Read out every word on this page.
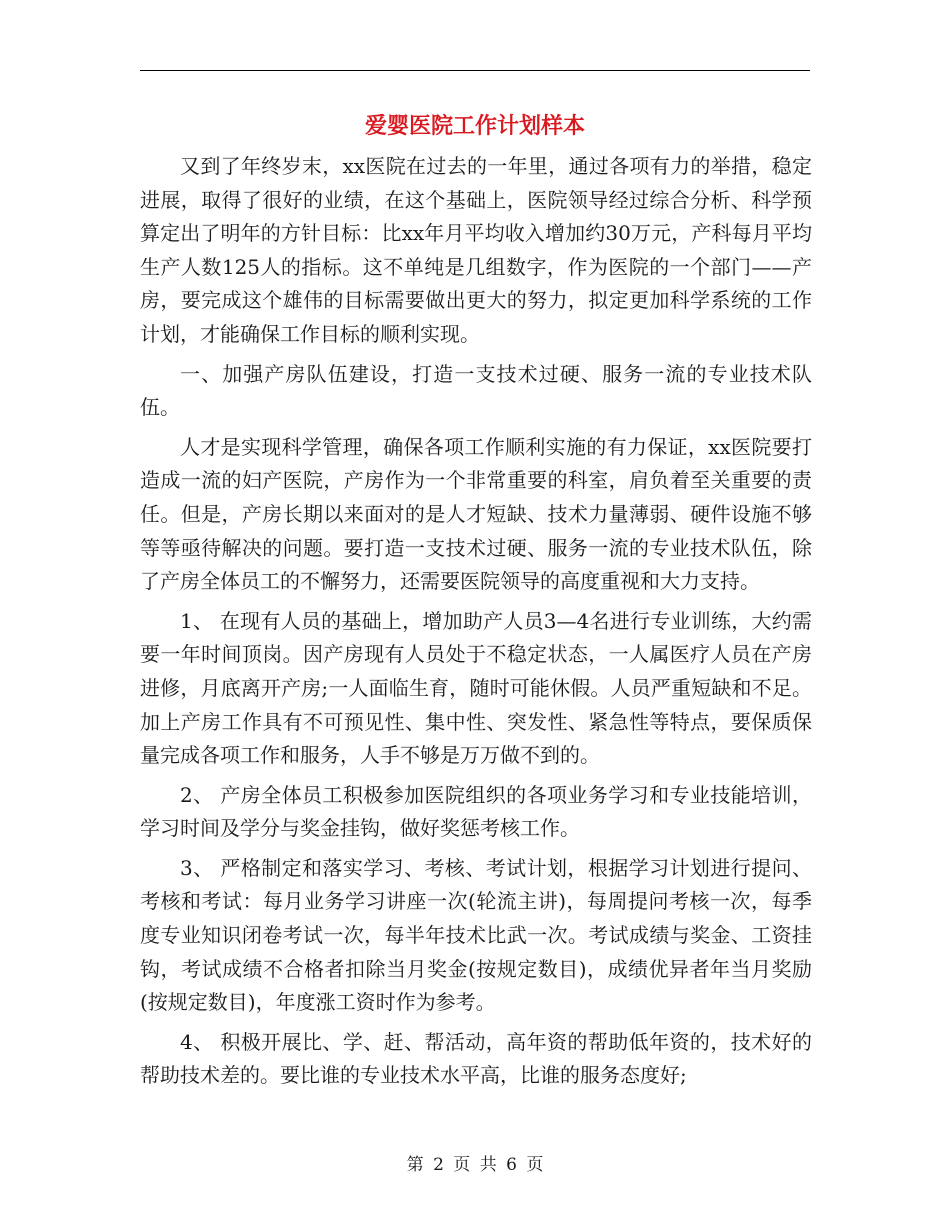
爱婴医院工作计划样本

又到了年终岁末，xx医院在过去的一年里，通过各项有力的举措，稳定进展，取得了很好的业绩，在这个基础上，医院领导经过综合分析、科学预算定出了明年的方针目标：比xx年月平均收入增加约30万元，产科每月平均生产人数125人的指标。这不单纯是几组数字，作为医院的一个部门——产房，要完成这个雄伟的目标需要做出更大的努力，拟定更加科学系统的工作计划，才能确保工作目标的顺利实现。

一、加强产房队伍建设，打造一支技术过硬、服务一流的专业技术队伍。

人才是实现科学管理，确保各项工作顺利实施的有力保证，xx医院要打造成一流的妇产医院，产房作为一个非常重要的科室，肩负着至关重要的责任。但是，产房长期以来面对的是人才短缺、技术力量薄弱、硬件设施不够等等亟待解决的问题。要打造一支技术过硬、服务一流的专业技术队伍，除了产房全体员工的不懈努力，还需要医院领导的高度重视和大力支持。

1、 在现有人员的基础上，增加助产人员3—4名进行专业训练，大约需要一年时间顶岗。因产房现有人员处于不稳定状态，一人属医疗人员在产房进修，月底离开产房;一人面临生育，随时可能休假。人员严重短缺和不足。加上产房工作具有不可预见性、集中性、突发性、紧急性等特点，要保质保量完成各项工作和服务，人手不够是万万做不到的。

2、 产房全体员工积极参加医院组织的各项业务学习和专业技能培训，学习时间及学分与奖金挂钩，做好奖惩考核工作。

3、 严格制定和落实学习、考核、考试计划，根据学习计划进行提问、考核和考试：每月业务学习讲座一次(轮流主讲)，每周提问考核一次，每季度专业知识闭卷考试一次，每半年技术比武一次。考试成绩与奖金、工资挂钩，考试成绩不合格者扣除当月奖金(按规定数目)，成绩优异者年当月奖励(按规定数目)，年度涨工资时作为参考。

4、 积极开展比、学、赶、帮活动，高年资的帮助低年资的，技术好的帮助技术差的。要比谁的专业技术水平高，比谁的服务态度好;

第 2 页 共 6 页
